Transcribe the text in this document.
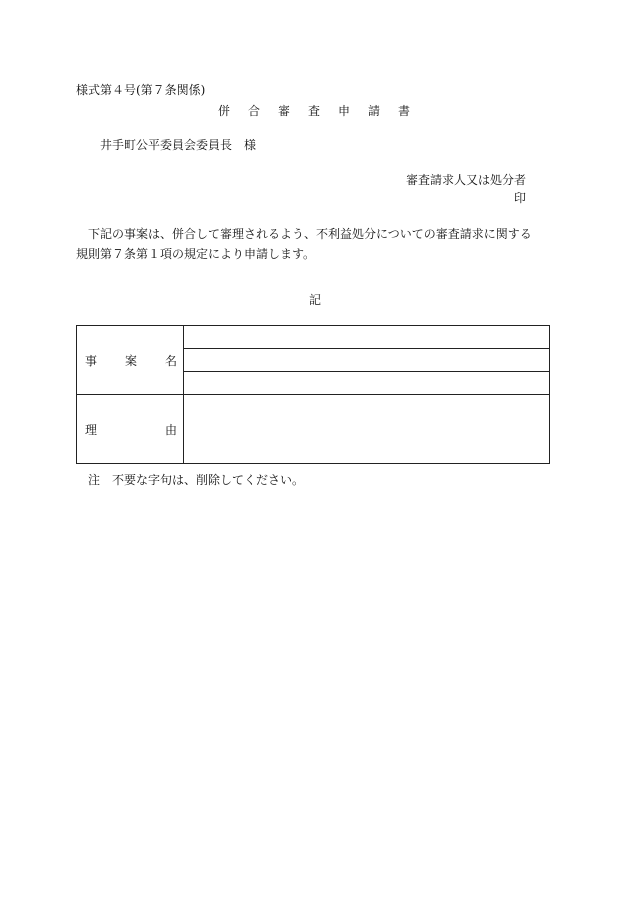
様式第４号(第７条関係)
併 合 審 査 申 請 書
井手町公平委員会委員長　様
審査請求人又は処分者
印

下記の事案は、併合して審理されるよう、不利益処分についての審査請求に関する

規則第７条第１項の規定により申請します。

記
事 案 名	

理 由	

注　不要な字句は、削除してください。
